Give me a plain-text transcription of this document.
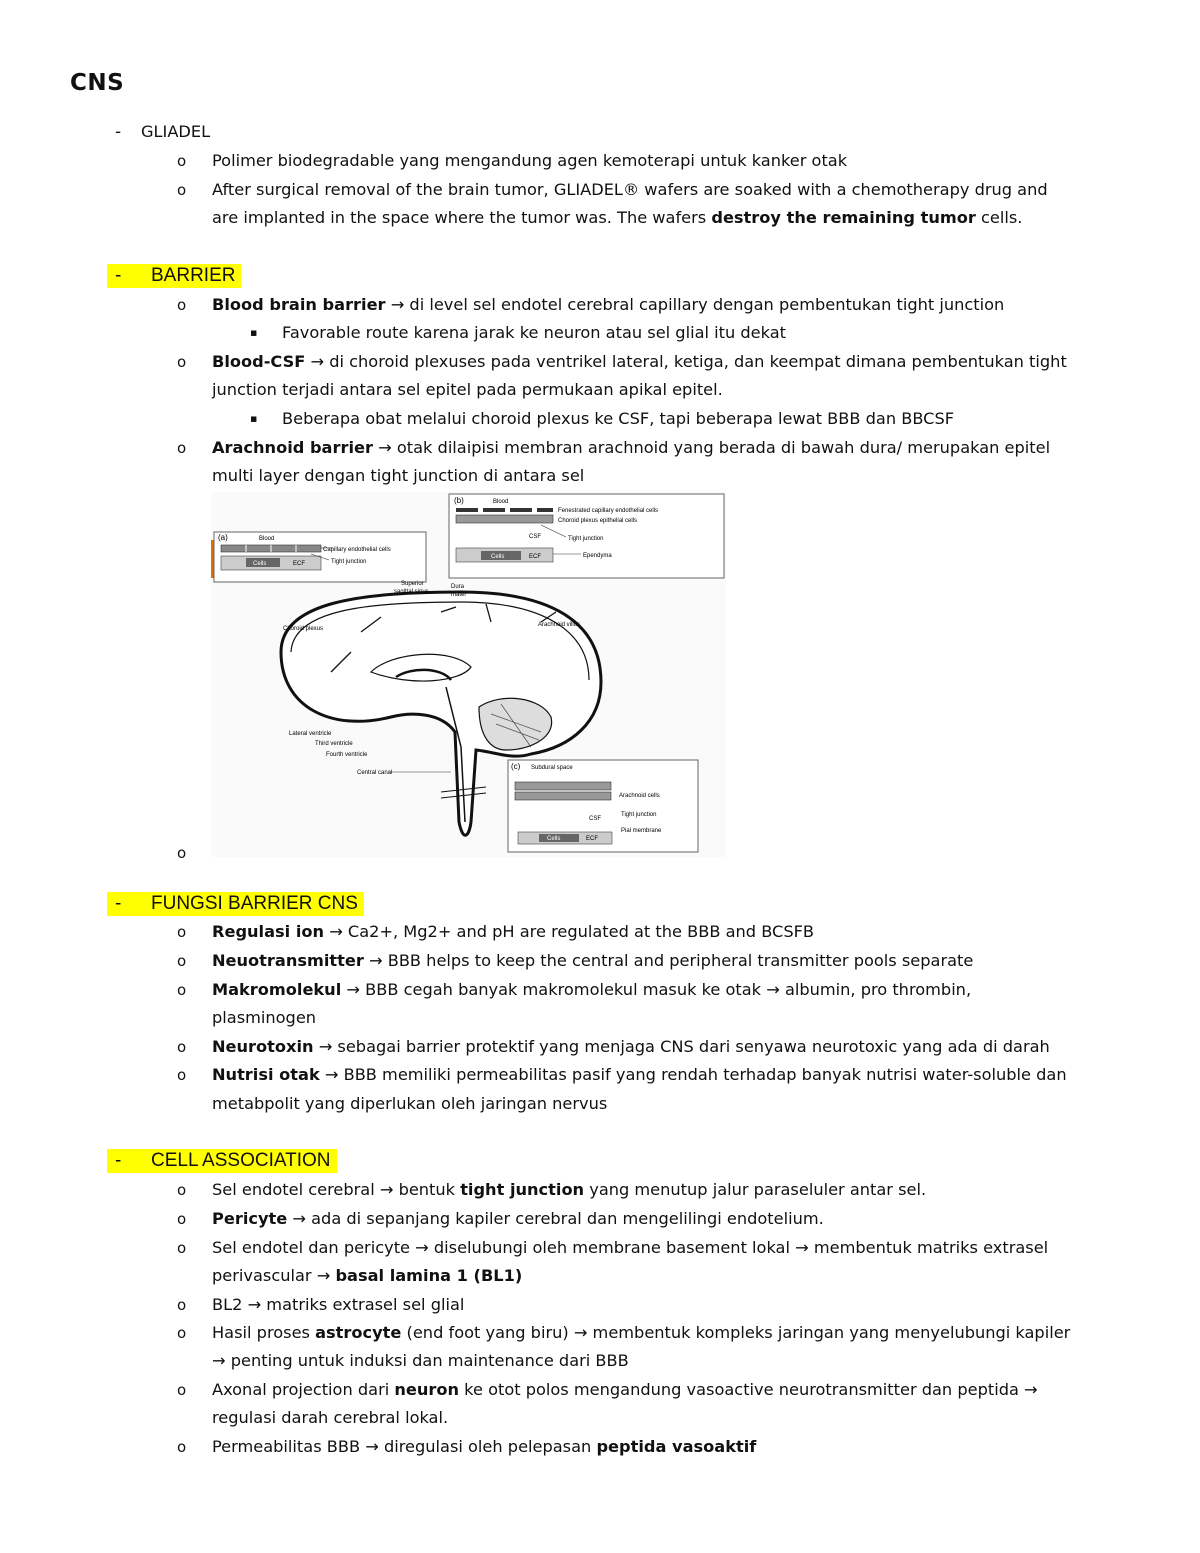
CNS
- GLIADEL
o Polimer biodegradable yang mengandung agen kemoterapi untuk kanker otak
o After surgical removal of the brain tumor, GLIADEL® wafers are soaked with a chemotherapy drug and
are implanted in the space where the tumor was. The wafers destroy the remaining tumor cells.
- BARRIER
o Blood brain barrier → di level sel endotel cerebral capillary dengan pembentukan tight junction
▪ Favorable route karena jarak ke neuron atau sel glial itu dekat
o Blood-CSF → di choroid plexuses pada ventrikel lateral, ketiga, dan keempat dimana pembentukan tight
junction terjadi antara sel epitel pada permukaan apikal epitel.
▪ Beberapa obat melalui choroid plexus ke CSF, tapi beberapa lewat BBB dan BBCSF
o Arachnoid barrier → otak dilaipisi membran arachnoid yang berada di bawah dura/ merupakan epitel
multi layer dengan tight junction di antara sel
(a)	Blood
Cells	ECF
Capillary endothelial cells
Tight junction
(b)	Blood
Fenestrated capillary endothelial cells
Choroid plexus epithelial cells
CSF	Tight junction
Cells	ECF	Ependyma
Superior
sagittal sinus
Dura
mater
Choroid plexus
Arachnoid villus
Lateral ventricle
Third ventricle
Fourth ventricle
Central canal
(c) Subdural space
Arachnoid cells
CSF
Tight junction
Pial membrane
Cells	ECF
o
- FUNGSI BARRIER CNS
o Regulasi ion → Ca2+, Mg2+ and pH are regulated at the BBB and BCSFB
o Neuotransmitter → BBB helps to keep the central and peripheral transmitter pools separate
o Makromolekul → BBB cegah banyak makromolekul masuk ke otak → albumin, pro thrombin,
plasminogen
o Neurotoxin → sebagai barrier protektif yang menjaga CNS dari senyawa neurotoxic yang ada di darah
o Nutrisi otak → BBB memiliki permeabilitas pasif yang rendah terhadap banyak nutrisi water-soluble dan
metabpolit yang diperlukan oleh jaringan nervus
- CELL ASSOCIATION
o Sel endotel cerebral → bentuk tight junction yang menutup jalur paraseluler antar sel.
o Pericyte → ada di sepanjang kapiler cerebral dan mengelilingi endotelium.
o Sel endotel dan pericyte → diselubungi oleh membrane basement lokal → membentuk matriks extrasel
perivascular → basal lamina 1 (BL1)
o BL2 → matriks extrasel sel glial
o Hasil proses astrocyte (end foot yang biru) → membentuk kompleks jaringan yang menyelubungi kapiler
→ penting untuk induksi dan maintenance dari BBB
o Axonal projection dari neuron ke otot polos mengandung vasoactive neurotransmitter dan peptida →
regulasi darah cerebral lokal.
o Permeabilitas BBB → diregulasi oleh pelepasan peptida vasoaktif
